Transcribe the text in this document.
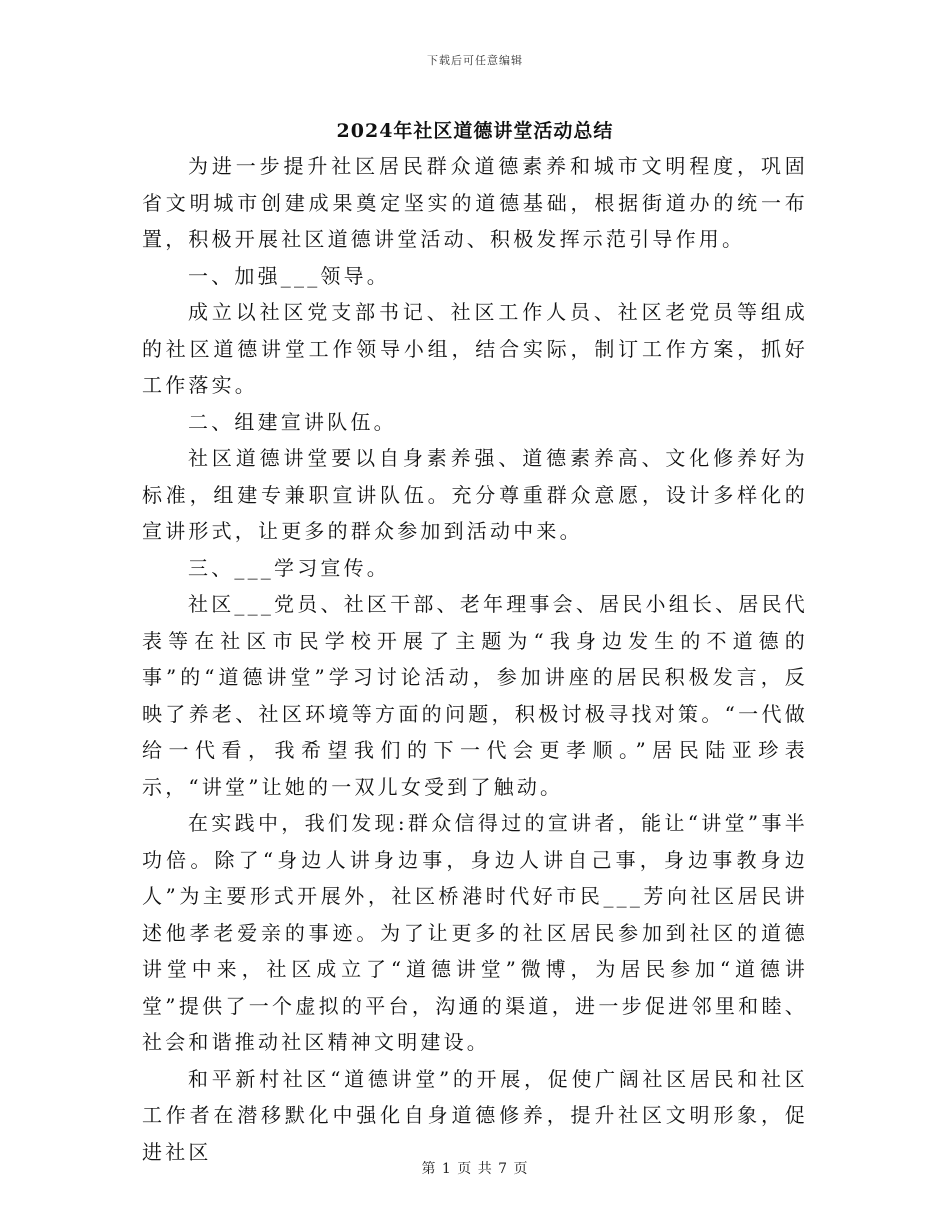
下载后可任意编辑
2024年社区道德讲堂活动总结

为进一步提升社区居民群众道德素养和城市文明程度，巩固省文明城市创建成果奠定坚实的道德基础，根据街道办的统一布置，积极开展社区道德讲堂活动、积极发挥示范引导作用。

一、加强___领导。

成立以社区党支部书记、社区工作人员、社区老党员等组成的社区道德讲堂工作领导小组，结合实际，制订工作方案，抓好工作落实。

二、组建宣讲队伍。

社区道德讲堂要以自身素养强、道德素养高、文化修养好为标准，组建专兼职宣讲队伍。充分尊重群众意愿，设计多样化的宣讲形式，让更多的群众参加到活动中来。

三、___学习宣传。

社区___党员、社区干部、老年理事会、居民小组长、居民代表等在社区市民学校开展了主题为“我身边发生的不道德的事”的“道德讲堂”学习讨论活动，参加讲座的居民积极发言，反映了养老、社区环境等方面的问题，积极讨极寻找对策。“一代做给一代看，我希望我们的下一代会更孝顺。”居民陆亚珍表示，“讲堂”让她的一双儿女受到了触动。

在实践中，我们发现:群众信得过的宣讲者，能让“讲堂”事半功倍。除了“身边人讲身边事，身边人讲自己事，身边事教身边人”为主要形式开展外，社区桥港时代好市民___芳向社区居民讲述他孝老爱亲的事迹。为了让更多的社区居民参加到社区的道德讲堂中来，社区成立了“道德讲堂”微博，为居民参加“道德讲堂”提供了一个虚拟的平台，沟通的渠道，进一步促进邻里和睦、社会和谐推动社区精神文明建设。

和平新村社区“道德讲堂”的开展，促使广阔社区居民和社区工作者在潜移默化中强化自身道德修养，提升社区文明形象，促进社区

第 1 页 共 7 页
